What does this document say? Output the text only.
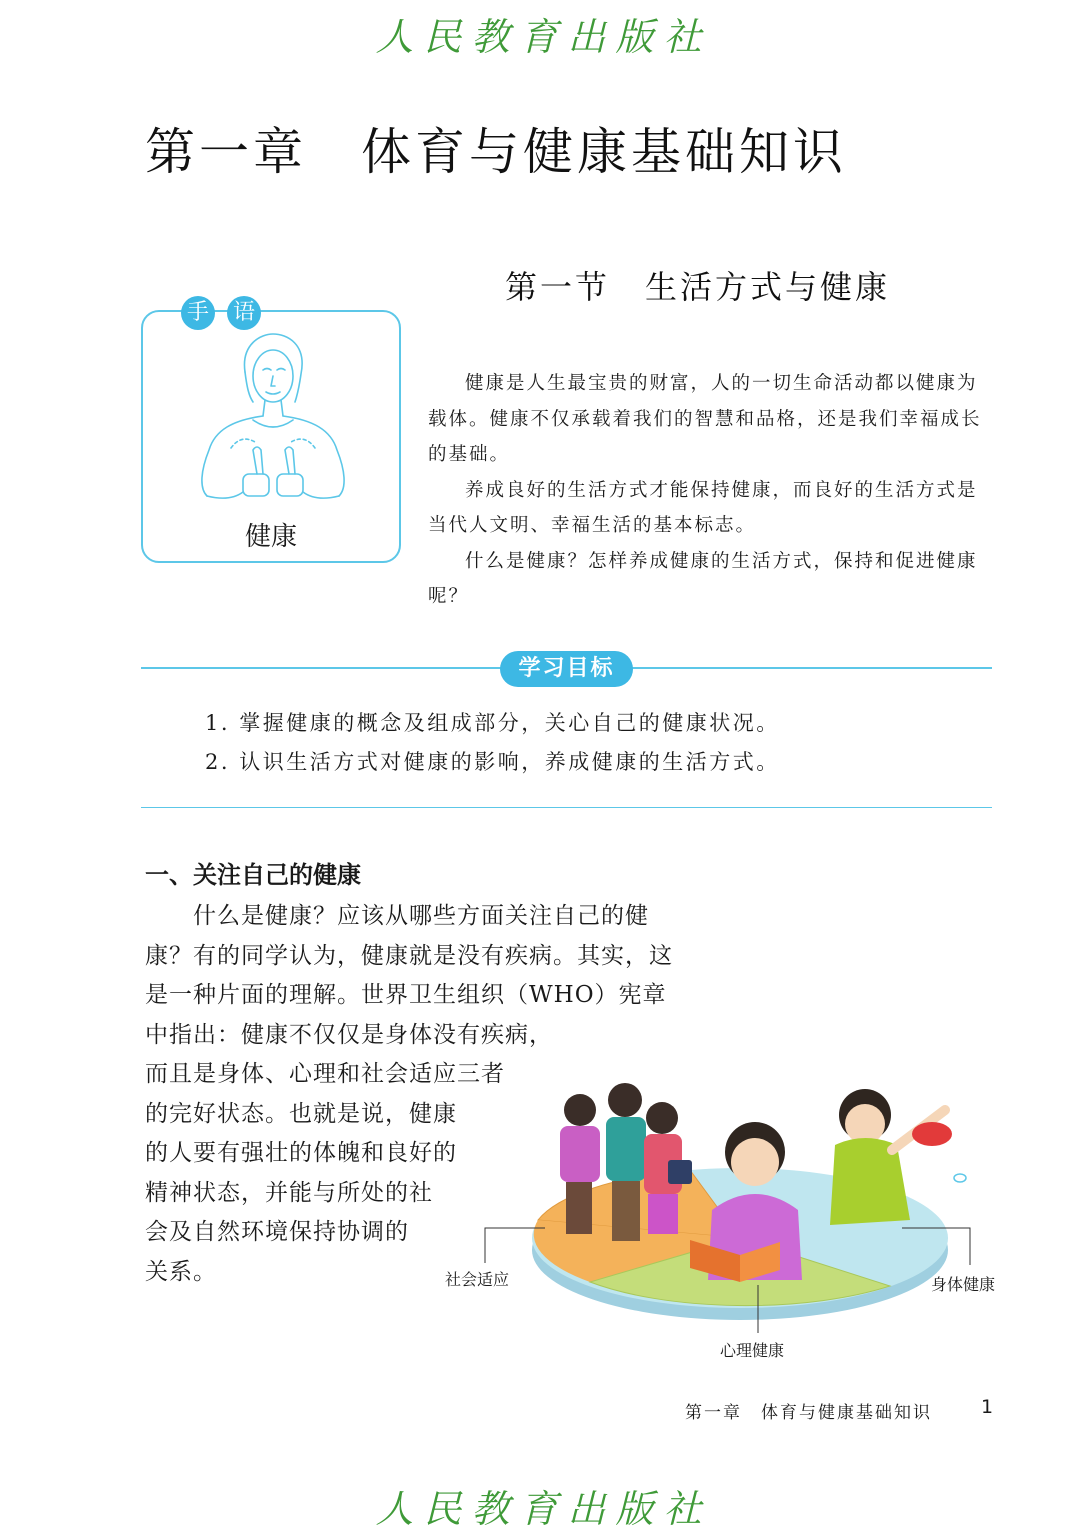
人民教育出版社
第一章　体育与健康基础知识
第一节　生活方式与健康
手 语
健康

健康是人生最宝贵的财富，人的一切生命活动都以健康为载体。健康不仅承载着我们的智慧和品格，还是我们幸福成长的基础。

养成良好的生活方式才能保持健康，而良好的生活方式是当代人文明、幸福生活的基本标志。

什么是健康？怎样养成健康的生活方式，保持和促进健康呢？

学习目标
1. 掌握健康的概念及组成部分，关心自己的健康状况。
2. 认识生活方式对健康的影响，养成健康的生活方式。
一、关注自己的健康
　　什么是健康？应该从哪些方面关注自己的健
康？有的同学认为，健康就是没有疾病。其实，这
是一种片面的理解。世界卫生组织（WHO）宪章
中指出：健康不仅仅是身体没有疾病，
而且是身体、心理和社会适应三者
的完好状态。也就是说，健康
的人要有强壮的体魄和良好的
精神状态，并能与所处的社
会及自然环境保持协调的
关系。	社会适应
心理健康
身体健康
第一章　体育与健康基础知识	1
人民教育出版社
